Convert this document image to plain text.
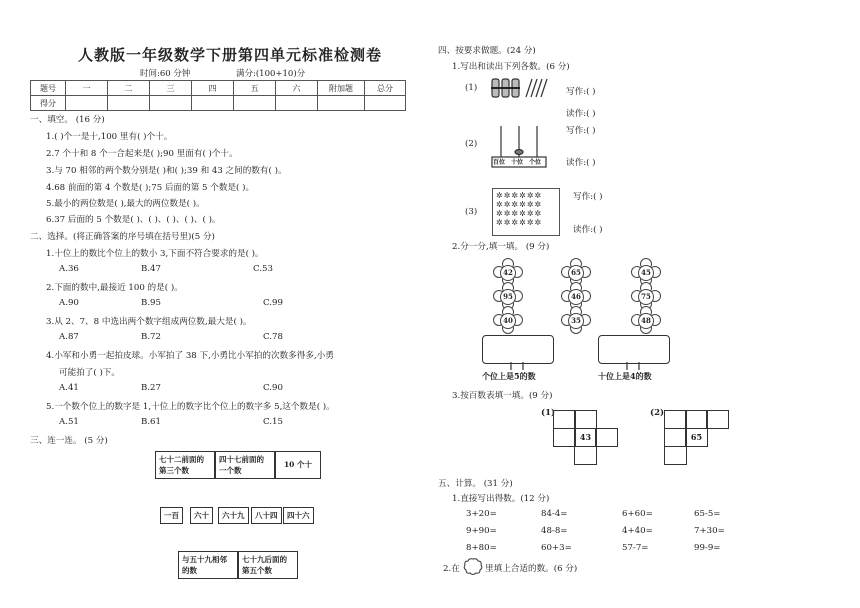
人教版一年级数学下册第四单元标准检测卷
时间:60 分钟	满分:(100+10)分
题号	一	二	三	四	五	六	附加题	总分
得分								
一、填空。 (16 分)
1.( )个一是十,100 里有( )个十。
2.7 个十和 8 个一合起来是( );90 里面有( )个十。
3.与 70 相邻的两个数分别是( )和( );39 和 43 之间的数有( )。
4.68 前面的第 4 个数是( );75 后面的第 5 个数是( )。
5.最小的两位数是( ),最大的两位数是( )。
6.37 后面的 5 个数是( )、( )、( )、( )、( )。
二、选择。(将正确答案的序号填在括号里)(5 分)
1.十位上的数比个位上的数小 3,下面不符合要求的是( )。
A.36	B.47	C.53
2.下面的数中,最接近 100 的是( )。
A.90	B.95	C.99
3.从 2、7、8 中选出两个数字组成两位数,最大是( )。
A.87	B.72	C.78
4.小军和小勇一起拍皮球。小军拍了 38 下,小勇比小军拍的次数多得多,小勇
可能拍了( )下。
A.41	B.27	C.90
5.一个数个位上的数字是 1,十位上的数字比个位上的数字多 5,这个数是( )。
A.51	B.61	C.15
三、连一连。 (5 分)
七十二前面的第三个数
四十七前面的一个数
10 个十
一百	六十	六十九	八十四	四十六
与五十九相邻的数
七十九后面的第五个数
四、按要求做题。(24 分)
1.写出和读出下列各数。(6 分)
(1)	写作:( )
读作:( )
(2)
百位 十位 个位
写作:( )
读作:( )
(3)
✲✲✲✲✲✲
✲✲✲✲✲✲
✲✲✲✲✲✲
✲✲✲✲✲✲
写作:( )
读作:( )
2.分一分,填一填。 (9 分)
42
95
40
65
46
35
45
75
48
个位上是5的数	十位上是4的数
3.按百数表填一填。(9 分)
(1)	(2)
43	65
五、计算。 (31 分)
1.直接写出得数。(12 分)
3+20=	84-4=	6+60=	65-5=
9+90=	48-8=	4+40=	7+30=
8+80=	60+3=	57-7=	99-9=
2.在	里填上合适的数。(6 分)
